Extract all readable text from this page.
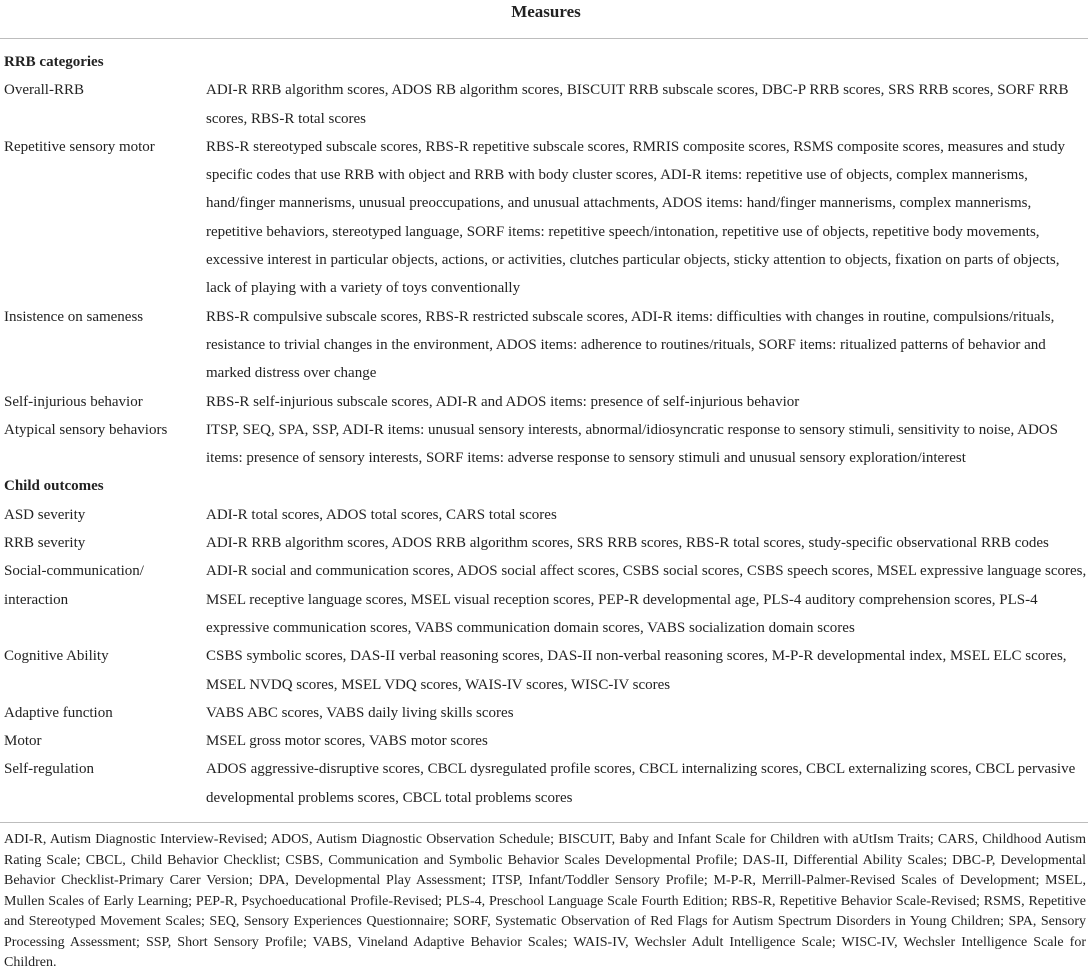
Measures
RRB categories	
Overall-RRB	ADI-R RRB algorithm scores, ADOS RB algorithm scores, BISCUIT RRB subscale scores, DBC-P RRB scores, SRS RRB scores, SORF RRB scores, RBS-R total scores
Repetitive sensory motor	RBS-R stereotyped subscale scores, RBS-R repetitive subscale scores, RMRIS composite scores, RSMS composite scores, measures and study specific codes that use RRB with object and RRB with body cluster scores, ADI-R items: repetitive use of objects, complex mannerisms, hand/finger mannerisms, unusual preoccupations, and unusual attachments, ADOS items: hand/finger mannerisms, complex mannerisms, repetitive behaviors, stereotyped language, SORF items: repetitive speech/intonation, repetitive use of objects, repetitive body movements, excessive interest in particular objects, actions, or activities, clutches particular objects, sticky attention to objects, fixation on parts of objects, lack of playing with a variety of toys conventionally
Insistence on sameness	RBS-R compulsive subscale scores, RBS-R restricted subscale scores, ADI-R items: difficulties with changes in routine, compulsions/rituals, resistance to trivial changes in the environment, ADOS items: adherence to routines/rituals, SORF items: ritualized patterns of behavior and marked distress over change
Self-injurious behavior	RBS-R self-injurious subscale scores, ADI-R and ADOS items: presence of self-injurious behavior
Atypical sensory behaviors	ITSP, SEQ, SPA, SSP, ADI-R items: unusual sensory interests, abnormal/idiosyncratic response to sensory stimuli, sensitivity to noise, ADOS items: presence of sensory interests, SORF items: adverse response to sensory stimuli and unusual sensory exploration/interest
Child outcomes	
ASD severity	ADI-R total scores, ADOS total scores, CARS total scores
RRB severity	ADI-R RRB algorithm scores, ADOS RRB algorithm scores, SRS RRB scores, RBS-R total scores, study-specific observational RRB codes
Social-communication/ interaction	ADI-R social and communication scores, ADOS social affect scores, CSBS social scores, CSBS speech scores, MSEL expressive language scores, MSEL receptive language scores, MSEL visual reception scores, PEP-R developmental age, PLS-4 auditory comprehension scores, PLS-4 expressive communication scores, VABS communication domain scores, VABS socialization domain scores
Cognitive Ability	CSBS symbolic scores, DAS-II verbal reasoning scores, DAS-II non-verbal reasoning scores, M-P-R developmental index, MSEL ELC scores, MSEL NVDQ scores, MSEL VDQ scores, WAIS-IV scores, WISC-IV scores
Adaptive function	VABS ABC scores, VABS daily living skills scores
Motor	MSEL gross motor scores, VABS motor scores
Self-regulation	ADOS aggressive-disruptive scores, CBCL dysregulated profile scores, CBCL internalizing scores, CBCL externalizing scores, CBCL pervasive developmental problems scores, CBCL total problems scores
ADI-R, Autism Diagnostic Interview-Revised; ADOS, Autism Diagnostic Observation Schedule; BISCUIT, Baby and Infant Scale for Children with aUtIsm Traits; CARS, Childhood Autism Rating Scale; CBCL, Child Behavior Checklist; CSBS, Communication and Symbolic Behavior Scales Developmental Profile; DAS-II, Differential Ability Scales; DBC-P, Developmental Behavior Checklist-Primary Carer Version; DPA, Developmental Play Assessment; ITSP, Infant/Toddler Sensory Profile; M-P-R, Merrill-Palmer-Revised Scales of Development; MSEL, Mullen Scales of Early Learning; PEP-R, Psychoeducational Profile-Revised; PLS-4, Preschool Language Scale Fourth Edition; RBS-R, Repetitive Behavior Scale-Revised; RSMS, Repetitive and Stereotyped Movement Scales; SEQ, Sensory Experiences Questionnaire; SORF, Systematic Observation of Red Flags for Autism Spectrum Disorders in Young Children; SPA, Sensory Processing Assessment; SSP, Short Sensory Profile; VABS, Vineland Adaptive Behavior Scales; WAIS-IV, Wechsler Adult Intelligence Scale; WISC-IV, Wechsler Intelligence Scale for Children.
